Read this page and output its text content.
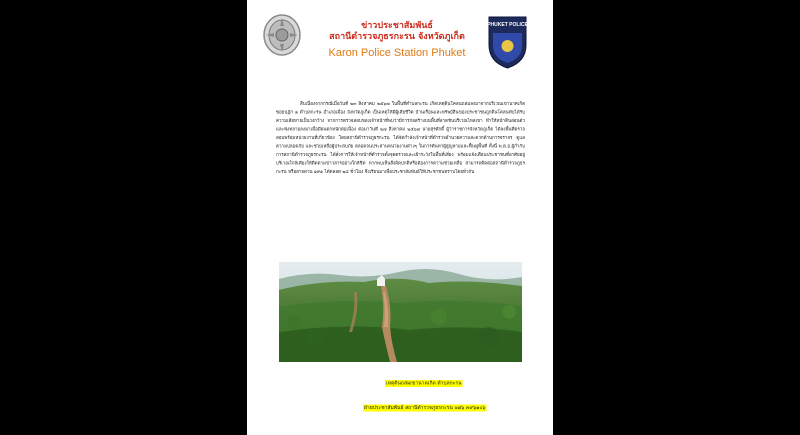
ข่าวประชาสัมพันธ์
สถานีตำรวจภูธรกะรน จังหวัดภูเก็ต
Karon Police Station Phuket
PHUKET POLICE

สืบเนื่องจากกรณีเมื่อวันที่ ๒๓ สิงหาคม ๒๕๖๗ ในพื้นที่ตำบลกะรน เกิดเหตุดินโคลนถล่มลงมาจากบริเวณเขานาคเกิด ซอยปฏัก ๑ ตำบลกะรน อำเภอเมือง จังหวัดภูเก็ต เป็นเหตุให้มีผู้เสียชีวิต บ้านเรือนและทรัพย์สินของประชาชนถูกดินโคลนทับได้รับความเสียหายเป็นวงกว้าง จากการตรวจสอบของเจ้าหน้าที่พบว่ามีการก่อสร้างบนพื้นที่ลาดชันบริเวณไหล่เขา ทำให้หน้าดินอ่อนตัวและพังทลายลงมาเมื่อมีฝนตกหนักต่อเนื่อง ต่อมาวันที่ ๒๗ สิงหาคม ๒๕๖๗ นายสุรศักดิ์ ผู้ว่าราชการจังหวัดภูเก็ต ได้ลงพื้นที่ตรวจสอบพร้อมหน่วยงานที่เกี่ยวข้อง โดยสถานีตำรวจภูธรกะรน ได้จัดกำลังเจ้าหน้าที่ตำรวจอำนวยความสะดวกด้านการจราจร ดูแลความปลอดภัย และช่วยเหลือผู้ประสบภัย ตลอดจนประสานหน่วยงานต่างๆ ในการค้นหาผู้สูญหายและฟื้นฟูพื้นที่ ทั้งนี้ พ.ต.อ.ผู้กำกับการสถานีตำรวจภูธรกะรน ได้สั่งการให้เจ้าหน้าที่ตำรวจตั้งจุดตรวจและเฝ้าระวังในพื้นที่เสี่ยง พร้อมแจ้งเตือนประชาชนที่อาศัยอยู่บริเวณใกล้เคียงให้ติดตามข่าวสารอย่างใกล้ชิด หากพบเห็นสิ่งผิดปกติหรือต้องการความช่วยเหลือ สามารถติดต่อสถานีตำรวจภูธรกะรน หรือสายด่วน ๑๙๑ ได้ตลอด ๒๔ ชั่วโมง จึงเรียนมาเพื่อประชาสัมพันธ์ให้ประชาชนทราบโดยทั่วกัน

เหตุดินถล่มเขานาคเกิด ตำบลกะรน
ฝ่ายประชาสัมพันธ์ สถานีตำรวจภูธรกะรน ๐๗๖ ๓๙๖๑๐๖
